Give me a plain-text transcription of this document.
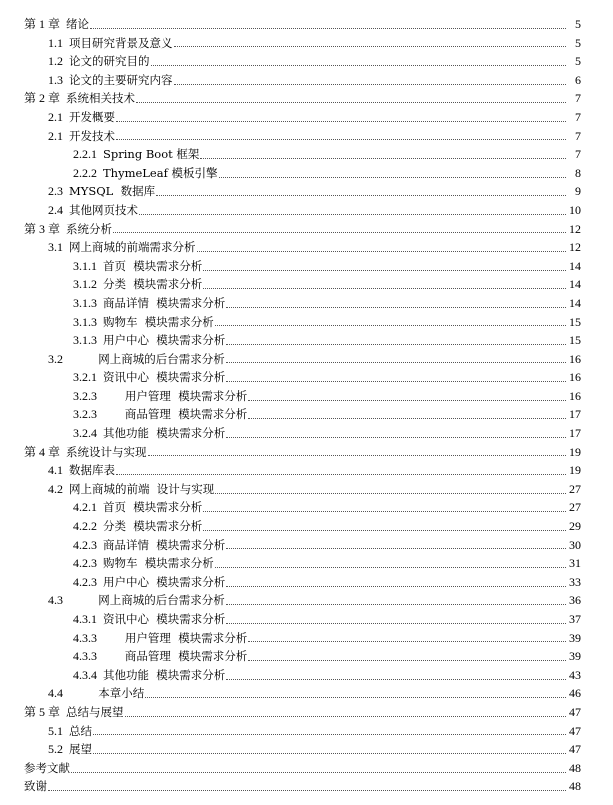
第 1 章 绪论	5
1.1 项目研究背景及意义	5
1.2 论文的研究目的	5
1.3 论文的主要研究内容	6
第 2 章 系统相关技术	7
2.1 开发概要	7
2.1 开发技术	7
2.2.1 Spring Boot 框架	7
2.2.2 ThymeLeaf 模板引擎	8
2.3 MYSQL  数据库	9
2.4 其他网页技术	10
第 3 章 系统分析	12
3.1 网上商城的前端需求分析	12
3.1.1 首页  模块需求分析	14
3.1.2 分类  模块需求分析	14
3.1.3 商品详情  模块需求分析	14
3.1.3 购物车  模块需求分析	15
3.1.3 用户中心  模块需求分析	15
3.2 网上商城的后台需求分析	16
3.2.1 资讯中心  模块需求分析	16
3.2.3 用户管理  模块需求分析	16
3.2.3 商品管理  模块需求分析	17
3.2.4 其他功能  模块需求分析	17
第 4 章 系统设计与实现	19
4.1 数据库表	19
4.2 网上商城的前端  设计与实现	27
4.2.1 首页  模块需求分析	27
4.2.2 分类  模块需求分析	29
4.2.3 商品详情  模块需求分析	30
4.2.3 购物车  模块需求分析	31
4.2.3 用户中心  模块需求分析	33
4.3 网上商城的后台需求分析	36
4.3.1 资讯中心  模块需求分析	37
4.3.3 用户管理  模块需求分析	39
4.3.3 商品管理  模块需求分析	39
4.3.4 其他功能  模块需求分析	43
4.4 本章小结	46
第 5 章 总结与展望	47
5.1 总结	47
5.2 展望	47
参考文献	48
致谢	48
